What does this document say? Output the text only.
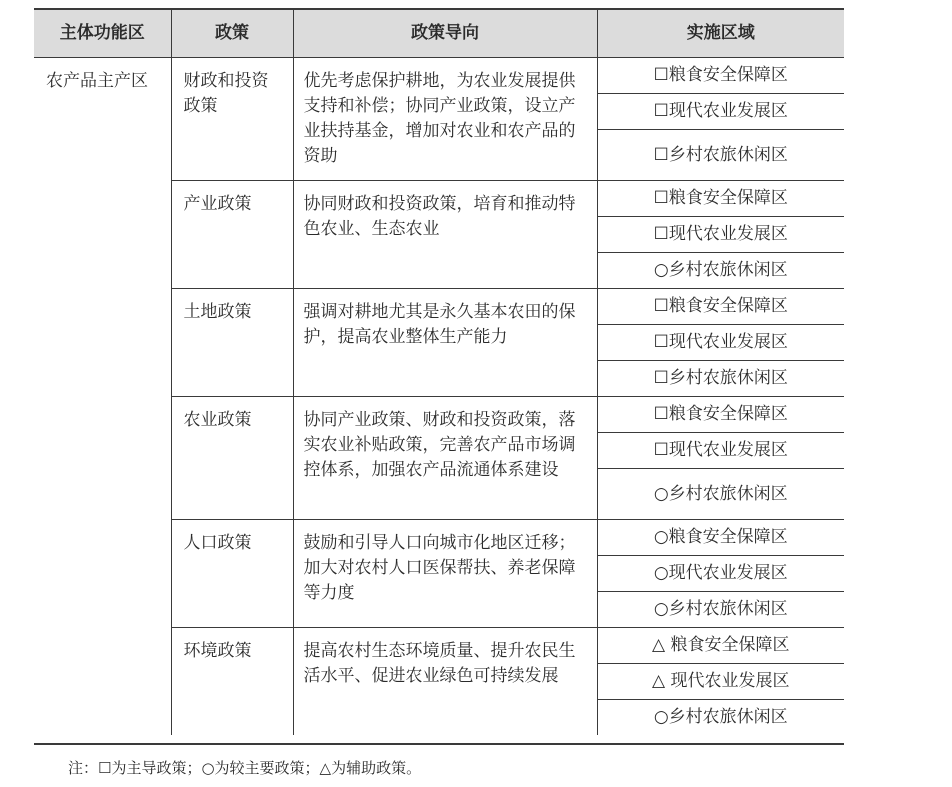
主体功能区	政策	政策导向	实施区域
农产品主产区	财政和投资政策	优先考虑保护耕地，为农业发展提供支持和补偿；协同产业政策，设立产业扶持基金，增加对农业和农产品的资助	☐粮食安全保障区
			☐现代农业发展区
			☐乡村农旅休闲区
	产业政策	协同财政和投资政策，培育和推动特色农业、生态农业	☐粮食安全保障区
			☐现代农业发展区
			○乡村农旅休闲区
	土地政策	强调对耕地尤其是永久基本农田的保护，提高农业整体生产能力	☐粮食安全保障区
			☐现代农业发展区
			☐乡村农旅休闲区
	农业政策	协同产业政策、财政和投资政策，落实农业补贴政策，完善农产品市场调控体系，加强农产品流通体系建设	☐粮食安全保障区
			☐现代农业发展区
			○乡村农旅休闲区
	人口政策	鼓励和引导人口向城市化地区迁移；加大对农村人口医保帮扶、养老保障等力度	○粮食安全保障区
			○现代农业发展区
			○乡村农旅休闲区
	环境政策	提高农村生态环境质量、提升农民生活水平、促进农业绿色可持续发展	△ 粮食安全保障区
			△ 现代农业发展区
			○乡村农旅休闲区
注：☐为主导政策；○为较主要政策；△为辅助政策。
